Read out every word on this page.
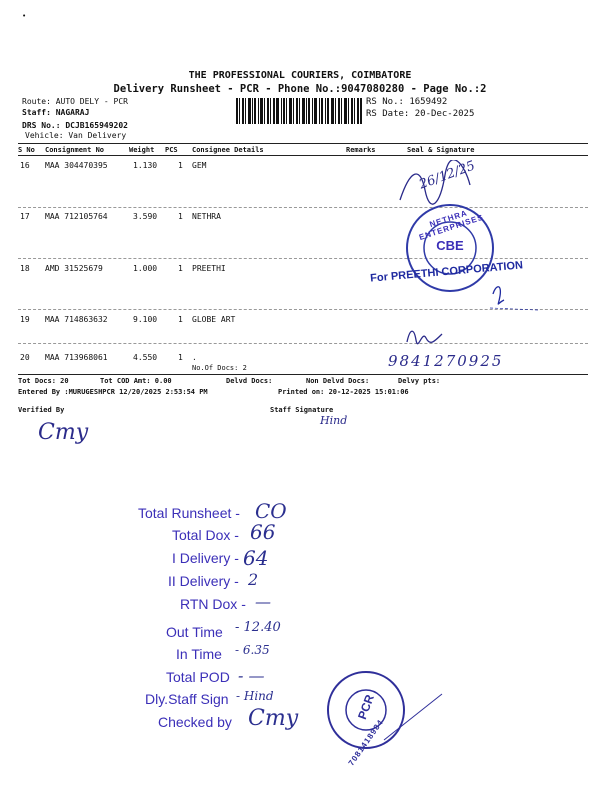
•
THE PROFESSIONAL COURIERS, COIMBATORE
Delivery Runsheet - PCR - Phone No.:9047080280 - Page No.:2
Route: AUTO DELY - PCR
Staff: NAGARAJ
DRS No.: DCJB165949202
Vehicle: Van Delivery
RS No.: 1659492
RS Date: 20-Dec-2025
S No Consignment No	Weight PCS Consignee Details	Remarks	Seal & Signature
16 MAA 304470395	1.130	1 GEM
17 MAA 712105764	3.590	1 NETHRA
18 AMD 31525679	1.000	1 PREETHI
19 MAA 714863632	9.100	1 GLOBE ART
20 MAA 713968061	4.550	1 .
No.Of Docs: 2
Tot Docs: 20	Tot COD Amt: 0.00	Delvd Docs:	Non Delvd Docs:	Delvy pts:
Entered By :MURUGESHPCR 12/20/2025 2:53:54 PM	Printed on: 20-12-2025 15:01:06
Verified By	Staff Signature
Cmy	Hind
26/12/25
NETHRA ENTERPRISES
CBE
For PREETHI CORPORATION
9841270925
Total Runsheet - CO
Total Dox - 66
I Delivery - 64
II Delivery - 2
RTN Dox - —
Out Time - 12.40
In Time - 6.35
Total POD - —
Dly.Staff Sign - Hind
Checked by Cmy	PCR
7081418984
